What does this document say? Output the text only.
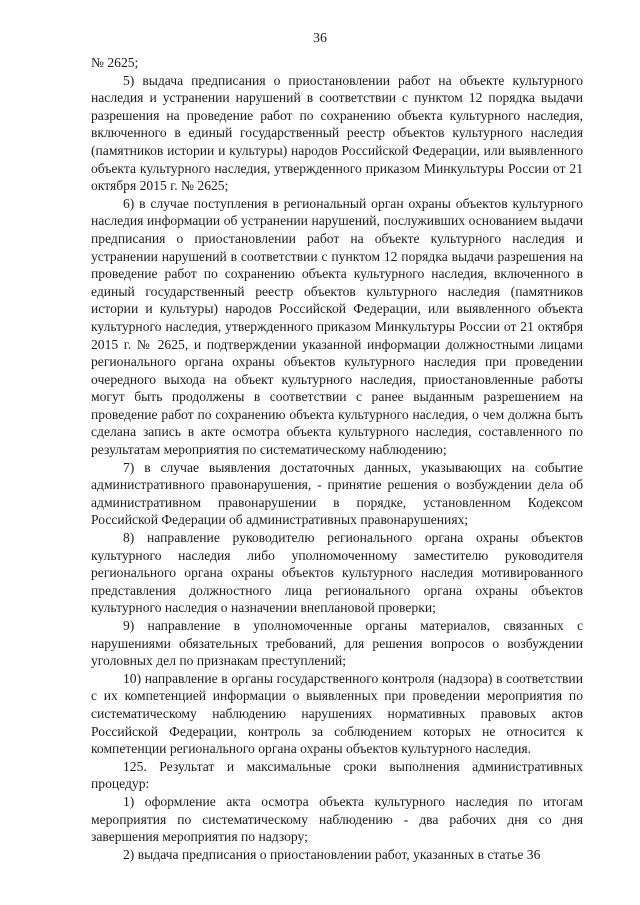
36

№ 2625;

5) выдача предписания о приостановлении работ на объекте культурного наследия и устранении нарушений в соответствии с пунктом 12 порядка выдачи разрешения на проведение работ по сохранению объекта культурного наследия, включенного в единый государственный реестр объектов культурного наследия (памятников истории и культуры) народов Российской Федерации, или выявленного объекта культурного наследия, утвержденного приказом Минкультуры России от 21 октября 2015 г. № 2625;

6) в случае поступления в региональный орган охраны объектов культурного наследия информации об устранении нарушений, послуживших основанием выдачи предписания о приостановлении работ на объекте культурного наследия и устранении нарушений в соответствии с пунктом 12 порядка выдачи разрешения на проведение работ по сохранению объекта культурного наследия, включенного в единый государственный реестр объектов культурного наследия (памятников истории и культуры) народов Российской Федерации, или выявленного объекта культурного наследия, утвержденного приказом Минкультуры России от 21 октября 2015 г. № 2625, и подтверждении указанной информации должностными лицами регионального органа охраны объектов культурного наследия при проведении очередного выхода на объект культурного наследия, приостановленные работы могут быть продолжены в соответствии с ранее выданным разрешением на проведение работ по сохранению объекта культурного наследия, о чем должна быть сделана запись в акте осмотра объекта культурного наследия, составленного по результатам мероприятия по систематическому наблюдению;

7) в случае выявления достаточных данных, указывающих на событие административного правонарушения, - принятие решения о возбуждении дела об административном правонарушении в порядке, установленном Кодексом Российской Федерации об административных правонарушениях;

8) направление руководителю регионального органа охраны объектов культурного наследия либо уполномоченному заместителю руководителя регионального органа охраны объектов культурного наследия мотивированного представления должностного лица регионального органа охраны объектов культурного наследия о назначении внеплановой проверки;

9) направление в уполномоченные органы материалов, связанных с нарушениями обязательных требований, для решения вопросов о возбуждении уголовных дел по признакам преступлений;

10) направление в органы государственного контроля (надзора) в соответствии с их компетенцией информации о выявленных при проведении мероприятия по систематическому наблюдению нарушениях нормативных правовых актов Российской Федерации, контроль за соблюдением которых не относится к компетенции регионального органа охраны объектов культурного наследия.

125. Результат и максимальные сроки выполнения административных процедур:

1) оформление акта осмотра объекта культурного наследия по итогам мероприятия по систематическому наблюдению - два рабочих дня со дня завершения мероприятия по надзору;

2) выдача предписания о приостановлении работ, указанных в статье 36
